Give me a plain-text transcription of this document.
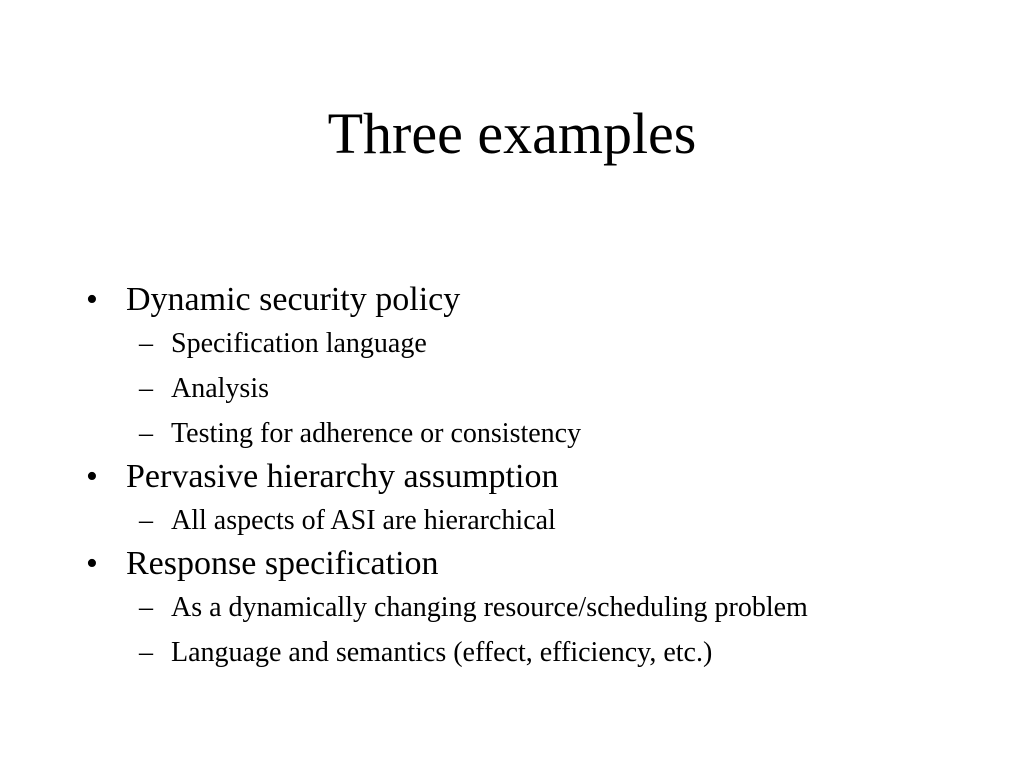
Three examples
• Dynamic security policy
– Specification language
– Analysis
– Testing for adherence or consistency
• Pervasive hierarchy assumption
– All aspects of ASI are hierarchical
• Response specification
– As a dynamically changing resource/scheduling problem
– Language and semantics (effect, efficiency, etc.)
